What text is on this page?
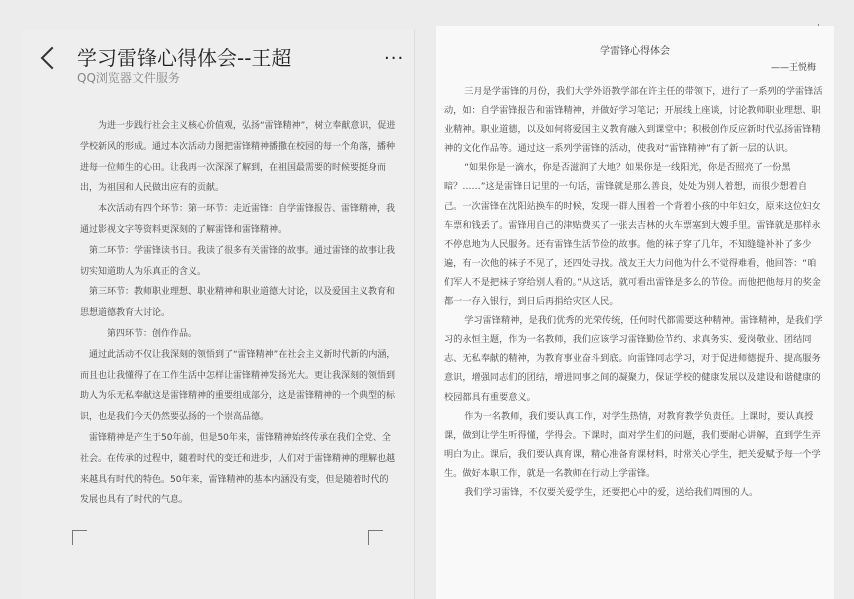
学习雷锋心得体会--王超
QQ浏览器文件服务
···

为进一步践行社会主义核心价值观，弘扬“雷锋精神”，树立奉献意识，促进学校新风的形成。通过本次活动力图把雷锋精神播撒在校园的每一个角落，播种进每一位师生的心田。让我再一次深深了解到，在祖国最需要的时候要挺身而出，为祖国和人民做出应有的贡献。

本次活动有四个环节：第一环节：走近雷锋：自学雷锋报告、雷锋精神，我通过影视文字等资料更深刻的了解雷锋和雷锋精神。

第二环节：学雷锋读书日。我读了很多有关雷锋的故事。通过雷锋的故事让我切实知道助人为乐真正的含义。

第三环节：教师职业理想、职业精神和职业道德大讨论，以及爱国主义教育和思想道德教育大讨论。

第四环节：创作作品。

通过此活动不仅让我深刻的领悟到了“雷锋精神”在社会主义新时代新的内涵，而且也让我懂得了在工作生活中怎样让雷锋精神发扬光大。更让我深刻的领悟到助人为乐无私奉献这是雷锋精神的重要组成部分，这是雷锋精神的一个典型的标识，也是我们今天仍然要弘扬的一个崇高品德。

雷锋精神是产生于50年前，但是50年来，雷锋精神始终传承在我们全党、全社会。在传承的过程中，随着时代的变迁和进步，人们对于雷锋精神的理解也越来越具有时代的特色。50年来，雷锋精神的基本内涵没有变，但是随着时代的发展也具有了时代的气息。

学雷锋心得体会
——王悦梅

三月是学雷锋的月份，我们大学外语教学部在许主任的带领下，进行了一系列的学雷锋活动，如：自学雷锋报告和雷锋精神，并做好学习笔记；开展线上座谈，讨论教师职业理想、职业精神。职业道德，以及如何将爱国主义教育融入到课堂中；积极创作反应新时代弘扬雷锋精神的文化作品等。通过这一系列学雷锋的活动，使我对“雷锋精神”有了新一层的认识。

“如果你是一滴水，你是否滋润了大地？如果你是一线阳光，你是否照亮了一份黑暗？……”这是雷锋日记里的一句话，雷锋就是那么善良，处处为别人着想，而很少想着自己。一次雷锋在沈阳站换车的时候，发现一群人围着一个背着小孩的中年妇女，原来这位妇女车票和钱丢了。雷锋用自己的津贴费买了一张去吉林的火车票塞到大嫂手里。雷锋就是那样永不停息地为人民服务。还有雷锋生活节俭的故事。他的袜子穿了几年，不知缝缝补补了多少遍，有一次他的袜子不见了，还四处寻找。战友王大力问他为什么不觉得难看，他回答：“咱们军人不是把袜子穿给别人看的。”从这话，就可看出雷锋是多么的节俭。而他把他每月的奖金都一一存入银行，到日后再捐给灾区人民。

学习雷锋精神，是我们优秀的光荣传统，任何时代都需要这种精神。雷锋精神，是我们学习的永恒主题，作为一名教师，我们应该学习雷锋勤俭节约、求真务实、爱岗敬业、团结同志、无私奉献的精神，为教育事业奋斗到底。向雷锋同志学习，对于促进师德提升、提高服务意识，增强同志们的团结，增进同事之间的凝聚力，保证学校的健康发展以及建设和谐健康的校园都具有重要意义。

作为一名教师，我们要认真工作，对学生热情，对教育教学负责任。上课时，要认真授课，做到让学生听得懂，学得会。下课时，面对学生们的问题，我们要耐心讲解，直到学生弄明白为止。课后，我们要认真育课，精心准备育课材料，时常关心学生，把关爱赋予每一个学生。做好本职工作，就是一名教师在行动上学雷锋。

我们学习雷锋，不仅要关爱学生，还要把心中的爱，送给我们周围的人。
